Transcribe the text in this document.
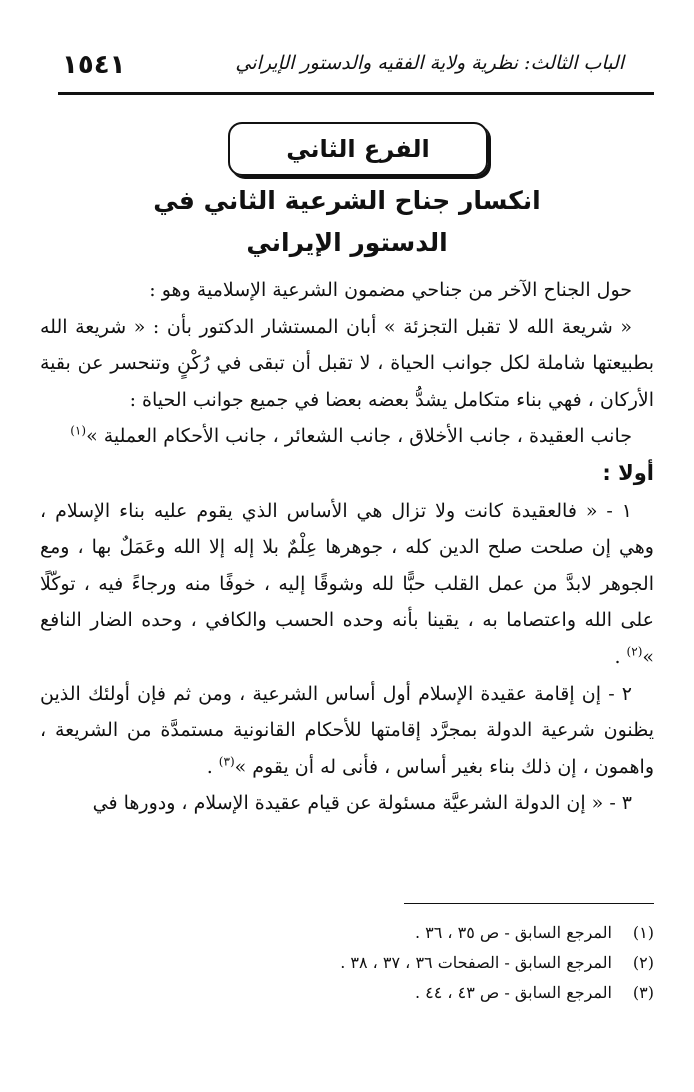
الباب الثالث: نظرية ولاية الفقيه والدستور الإيراني
١٥٤١
الفرع الثاني
انكسار جناح الشرعية الثاني في
الدستور الإيراني

حول الجناح الآخر من جناحي مضمون الشرعية الإسلامية وهو :

« شريعة الله لا تقبل التجزئة » أبان المستشار الدكتور بأن : « شريعة الله بطبيعتها شاملة لكل جوانب الحياة ، لا تقبل أن تبقى في رُكْنٍ وتنحسر عن بقية الأركان ، فهي بناء متكامل يشدُّ بعضه بعضا في جميع جوانب الحياة :

جانب العقيدة ، جانب الأخلاق ، جانب الشعائر ، جانب الأحكام العملية »$^{(١)}$

أولا :

١ - « فالعقيدة كانت ولا تزال هي الأساس الذي يقوم عليه بناء الإسلام ، وهي إن صلحت صلح الدين كله ، جوهرها عِلْمٌ بلا إله إلا الله وعَمَلٌ بها ، ومع الجوهر لابدَّ من عمل القلب حبًّا لله وشوقًا إليه ، خوفًا منه ورجاءً فيه ، توكّلًا على الله واعتصاما به ، يقينا بأنه وحده الحسب والكافي ، وحده الضار النافع »$^{(٢)}$ .

٢ - إن إقامة عقيدة الإسلام أول أساس الشرعية ، ومن ثم فإن أولئك الذين يظنون شرعية الدولة بمجرَّد إقامتها للأحكام القانونية مستمدَّة من الشريعة ، واهمون ، إن ذلك بناء بغير أساس ، فأنى له أن يقوم »$^{(٣)}$ .

٣ - « إن الدولة الشرعيَّة مسئولة عن قيام عقيدة الإسلام ، ودورها في

(١)
المرجع السابق - ص ٣٥ ، ٣٦ .
(٢)
المرجع السابق - الصفحات ٣٦ ، ٣٧ ، ٣٨ .
(٣)
المرجع السابق - ص ٤٣ ، ٤٤ .
